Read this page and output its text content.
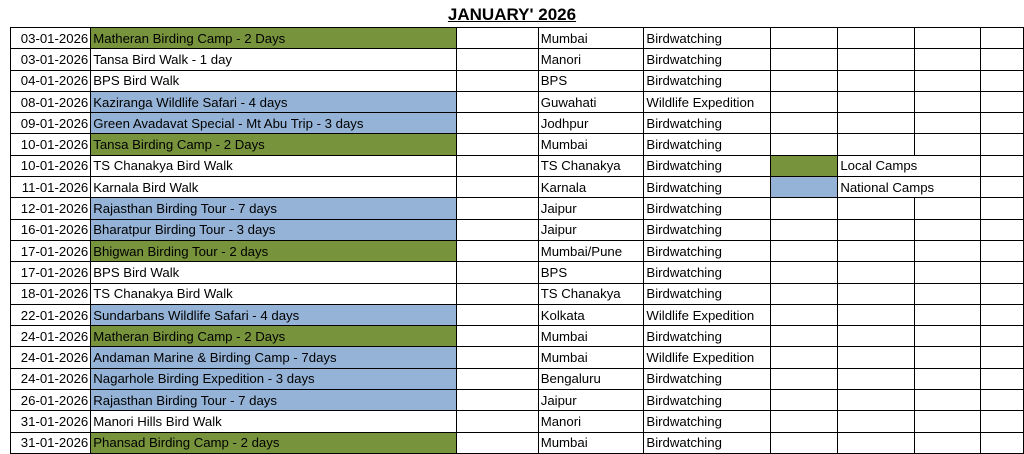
JANUARY' 2026
03-01-2026	Matheran Birding Camp - 2 Days		Mumbai	Birdwatching				
03-01-2026	Tansa Bird Walk - 1 day		Manori	Birdwatching				
04-01-2026	BPS Bird Walk		BPS	Birdwatching				
08-01-2026	Kaziranga Wildlife Safari - 4 days		Guwahati	Wildlife Expedition				
09-01-2026	Green Avadavat Special - Mt Abu Trip - 3 days		Jodhpur	Birdwatching				
10-01-2026	Tansa Birding Camp - 2 Days		Mumbai	Birdwatching				
10-01-2026	TS Chanakya Bird Walk		TS Chanakya	Birdwatching		Local Camps		
11-01-2026	Karnala Bird Walk		Karnala	Birdwatching		National Camps		
12-01-2026	Rajasthan Birding Tour - 7 days		Jaipur	Birdwatching				
16-01-2026	Bharatpur Birding Tour - 3 days		Jaipur	Birdwatching				
17-01-2026	Bhigwan Birding Tour - 2 days		Mumbai/Pune	Birdwatching				
17-01-2026	BPS Bird Walk		BPS	Birdwatching				
18-01-2026	TS Chanakya Bird Walk		TS Chanakya	Birdwatching				
22-01-2026	Sundarbans Wildlife Safari - 4 days		Kolkata	Wildlife Expedition				
24-01-2026	Matheran Birding Camp - 2 Days		Mumbai	Birdwatching				
24-01-2026	Andaman Marine & Birding Camp - 7days		Mumbai	Wildlife Expedition				
24-01-2026	Nagarhole Birding Expedition - 3 days		Bengaluru	Birdwatching				
26-01-2026	Rajasthan Birding Tour - 7 days		Jaipur	Birdwatching				
31-01-2026	Manori Hills Bird Walk		Manori	Birdwatching				
31-01-2026	Phansad Birding Camp - 2 days		Mumbai	Birdwatching				
